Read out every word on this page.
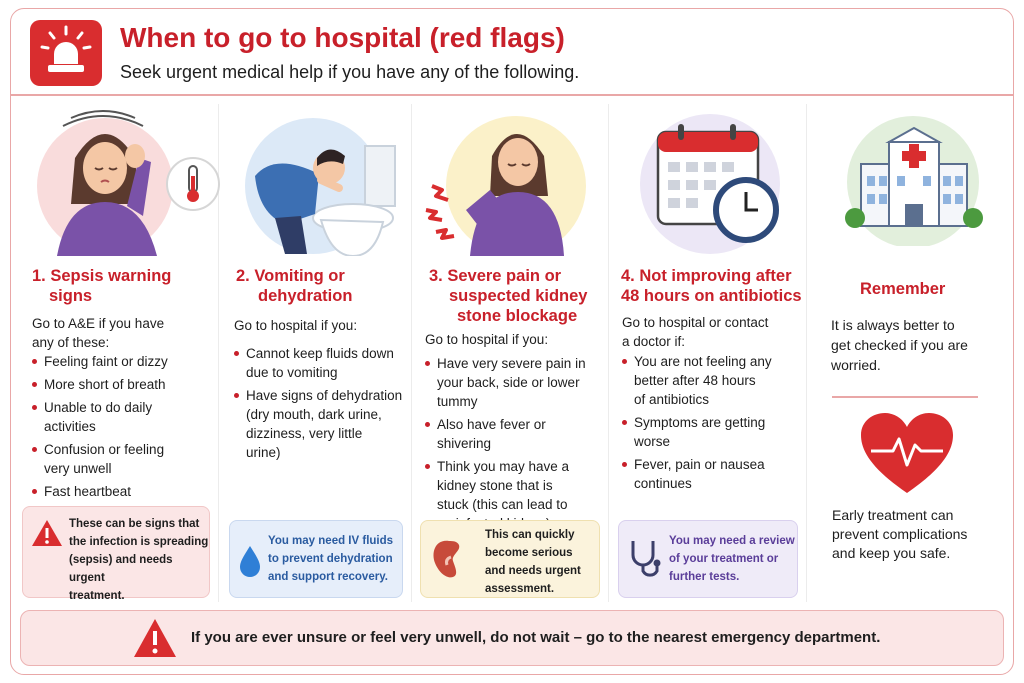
When to go to hospital (red flags)
Seek urgent medical help if you have any of the following.
1. Sepsis warning
signs
Go to A&E if you have
any of these:
Feeling faint or dizzy
More short of breath
Unable to do daily
activities
Confusion or feeling
very unwell
Fast heartbeat
These can be signs that
the infection is spreading
(sepsis) and needs urgent
treatment.
2. Vomiting or
dehydration
Go to hospital if you:
Cannot keep fluids down
due to vomiting
Have signs of dehydration
(dry mouth, dark urine,
dizziness, very little
urine)
You may need IV fluids
to prevent dehydration
and support recovery.
3. Severe pain or
suspected kidney
stone blockage
Go to hospital if you:
Have very severe pain in
your back, side or lower
tummy
Also have fever or
shivering
Think you may have a
kidney stone that is
stuck (this can lead to
This can quickly
become serious
and needs urgent
assessment.
4. Not improving after
48 hours on antibiotics
Go to hospital or contact
a doctor if:
You are not feeling any
better after 48 hours
of antibiotics
Symptoms are getting
worse
Fever, pain or nausea
continues
You may need a review
of your treatment or
further tests.
Remember
It is always better to
get checked if you are
worried.
Early treatment can
prevent complications
and keep you safe.
If you are ever unsure or feel very unwell, do not wait – go to the nearest emergency department.
